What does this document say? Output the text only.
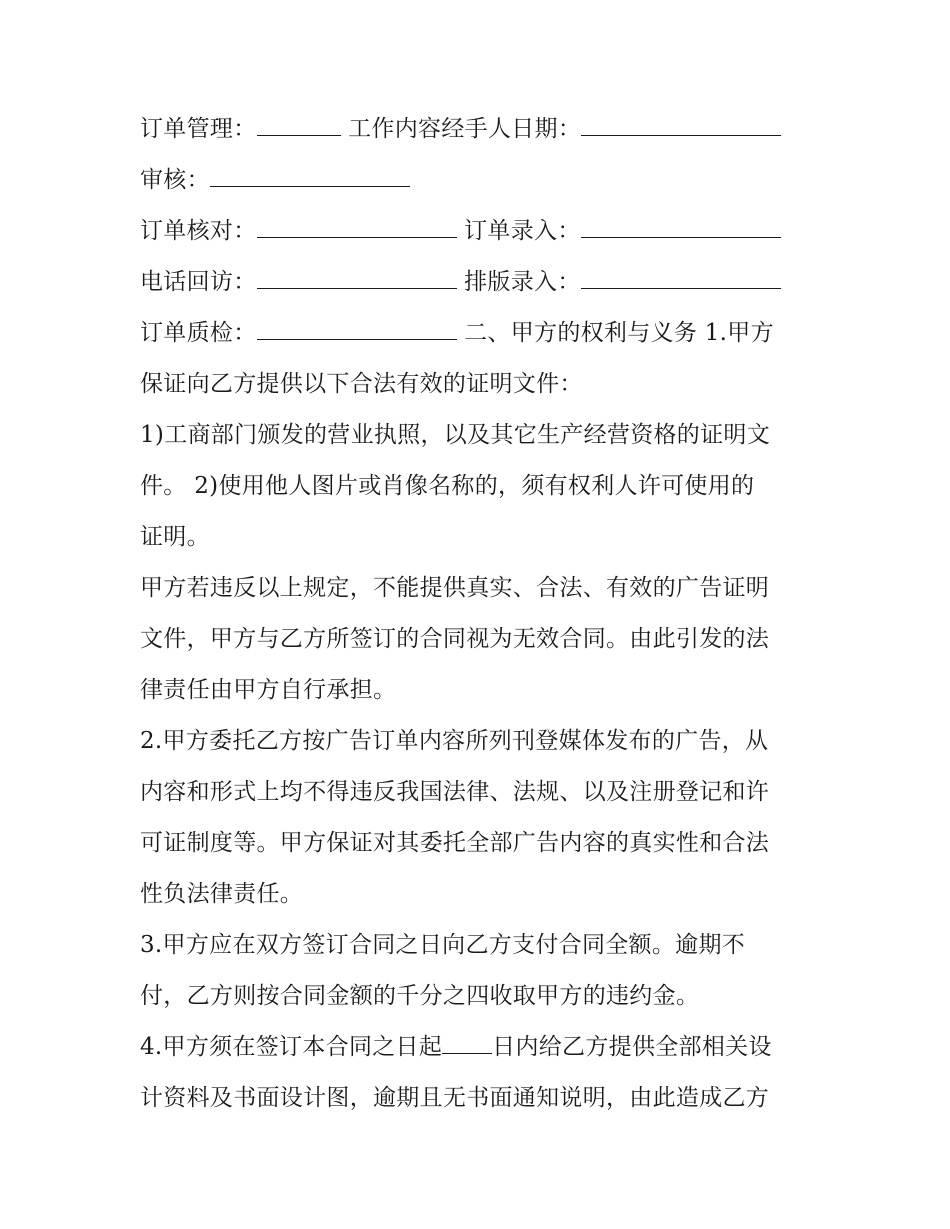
订单管理：	工作内容经手人日期：
审核：
订单核对：	订单录入：
电话回访：	排版录入：
订单质检：	二、甲方的权利与义务 1.甲方
保证向乙方提供以下合法有效的证明文件：
1)工商部门颁发的营业执照，以及其它生产经营资格的证明文
件。 2)使用他人图片或肖像名称的，须有权利人许可使用的
证明。
甲方若违反以上规定，不能提供真实、合法、有效的广告证明
文件，甲方与乙方所签订的合同视为无效合同。由此引发的法
律责任由甲方自行承担。
2.甲方委托乙方按广告订单内容所列刊登媒体发布的广告，从
内容和形式上均不得违反我国法律、法规、以及注册登记和许
可证制度等。甲方保证对其委托全部广告内容的真实性和合法
性负法律责任。
3.甲方应在双方签订合同之日向乙方支付合同全额。逾期不
付，乙方则按合同金额的千分之四收取甲方的违约金。
4.甲方须在签订本合同之日起 日内给乙方提供全部相关设
计资料及书面设计图，逾期且无书面通知说明，由此造成乙方
